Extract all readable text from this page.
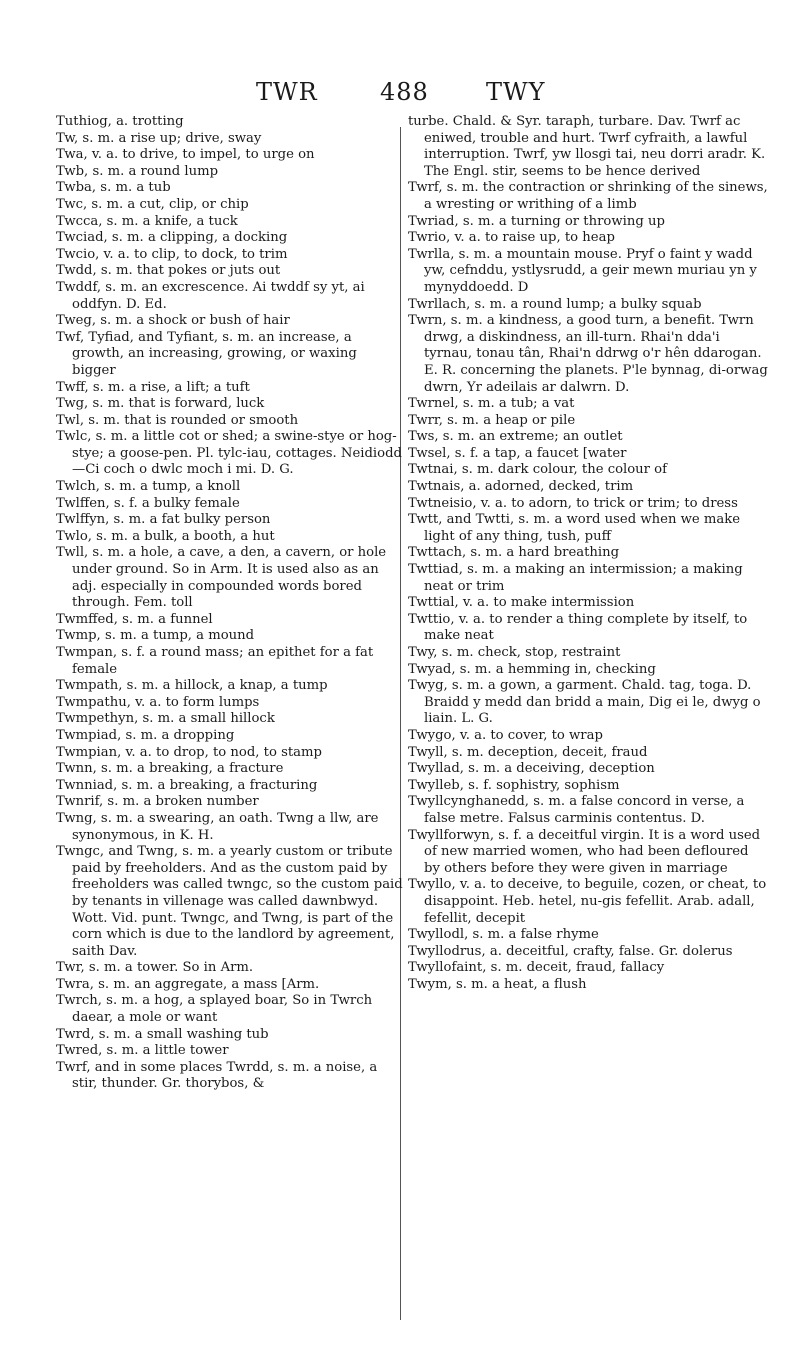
TWR	488 TWY

Tuthiog, a. trotting

Tw, s. m. a rise up; drive, sway

Twa, v. a. to drive, to impel, to urge on

Twb, s. m. a round lump

Twba, s. m. a tub

Twc, s. m. a cut, clip, or chip

Twcca, s. m. a knife, a tuck

Twciad, s. m. a clipping, a docking

Twcio, v. a. to clip, to dock, to trim

Twdd, s. m. that pokes or juts out

Twddf, s. m. an excrescence. Ai twddf sy yt, ai oddfyn. D. Ed.

Tweg, s. m. a shock or bush of hair

Twf, Tyfiad, and Tyfiant, s. m. an increase, a growth, an increasing, growing, or waxing bigger

Twff, s. m. a rise, a lift; a tuft

Twg, s. m. that is forward, luck

Twl, s. m. that is rounded or smooth

Twlc, s. m. a little cot or shed; a swine-stye or hog-stye; a goose-pen. Pl. tylc-iau, cottages. Neidiodd—Ci coch o dwlc moch i mi. D. G.

Twlch, s. m. a tump, a knoll

Twlffen, s. f. a bulky female

Twlffyn, s. m. a fat bulky person

Twlo, s. m. a bulk, a booth, a hut

Twll, s. m. a hole, a cave, a den, a cavern, or hole under ground. So in Arm. It is used also as an adj. especially in compounded words bored through. Fem. toll

Twmffed, s. m. a funnel

Twmp, s. m. a tump, a mound

Twmpan, s. f. a round mass; an epithet for a fat female

Twmpath, s. m. a hillock, a knap, a tump

Twmpathu, v. a. to form lumps

Twmpethyn, s. m. a small hillock

Twmpiad, s. m. a dropping

Twmpian, v. a. to drop, to nod, to stamp

Twnn, s. m. a breaking, a fracture

Twnniad, s. m. a breaking, a fracturing

Twnrif, s. m. a broken number

Twng, s. m. a swearing, an oath. Twng a llw, are synonymous, in K. H.

Twngc, and Twng, s. m. a yearly custom or tribute paid by freeholders. And as the custom paid by freeholders was called twngc, so the custom paid by tenants in villenage was called dawnbwyd. Wott. Vid. punt. Twngc, and Twng, is part of the corn which is due to the landlord by agreement, saith Dav.

Twr, s. m. a tower. So in Arm.

Twra, s. m. an aggregate, a mass [Arm.

Twrch, s. m. a hog, a splayed boar, So in Twrch daear, a mole or want

Twrd, s. m. a small washing tub

Twred, s. m. a little tower

Twrf, and in some places Twrdd, s. m. a noise, a stir, thunder. Gr. thorybos, &

turbe. Chald. & Syr. taraph, turbare. Dav. Twrf ac eniwed, trouble and hurt. Twrf cyfraith, a lawful interruption. Twrf, yw llosgi tai, neu dorri aradr. K. The Engl. stir, seems to be hence derived

Twrf, s. m. the contraction or shrinking of the sinews, a wresting or writhing of a limb

Twriad, s. m. a turning or throwing up

Twrio, v. a. to raise up, to heap

Twrlla, s. m. a mountain mouse. Pryf o faint y wadd yw, cefnddu, ystlysrudd, a geir mewn muriau yn y mynyddoedd. D

Twrllach, s. m. a round lump; a bulky squab

Twrn, s. m. a kindness, a good turn, a benefit. Twrn drwg, a diskindness, an ill-turn. Rhai'n dda'i tyrnau, tonau tân, Rhai'n ddrwg o'r hên ddarogan. E. R. concerning the planets. P'le bynnag, di-orwag dwrn, Yr adeilais ar dalwrn. D.

Twrnel, s. m. a tub; a vat

Twrr, s. m. a heap or pile

Tws, s. m. an extreme; an outlet

Twsel, s. f. a tap, a faucet [water

Twtnai, s. m. dark colour, the colour of

Twtnais, a. adorned, decked, trim

Twtneisio, v. a. to adorn, to trick or trim; to dress

Twtt, and Twtti, s. m. a word used when we make light of any thing, tush, puff

Twttach, s. m. a hard breathing

Twttiad, s. m. a making an intermission; a making neat or trim

Twttial, v. a. to make intermission

Twttio, v. a. to render a thing complete by itself, to make neat

Twy, s. m. check, stop, restraint

Twyad, s. m. a hemming in, checking

Twyg, s. m. a gown, a garment. Chald. tag, toga. D. Braidd y medd dan bridd a main, Dig ei le, dwyg o liain. L. G.

Twygo, v. a. to cover, to wrap

Twyll, s. m. deception, deceit, fraud

Twyllad, s. m. a deceiving, deception

Twylleb, s. f. sophistry, sophism

Twyllcynghanedd, s. m. a false concord in verse, a false metre. Falsus carminis contentus. D.

Twyllforwyn, s. f. a deceitful virgin. It is a word used of new married women, who had been defloured by others before they were given in marriage

Twyllo, v. a. to deceive, to beguile, cozen, or cheat, to disappoint. Heb. hetel, nu-gis fefellit. Arab. adall, fefellit, decepit

Twyllodl, s. m. a false rhyme

Twyllodrus, a. deceitful, crafty, false. Gr. dolerus

Twyllofaint, s. m. deceit, fraud, fallacy

Twym, s. m. a heat, a flush
